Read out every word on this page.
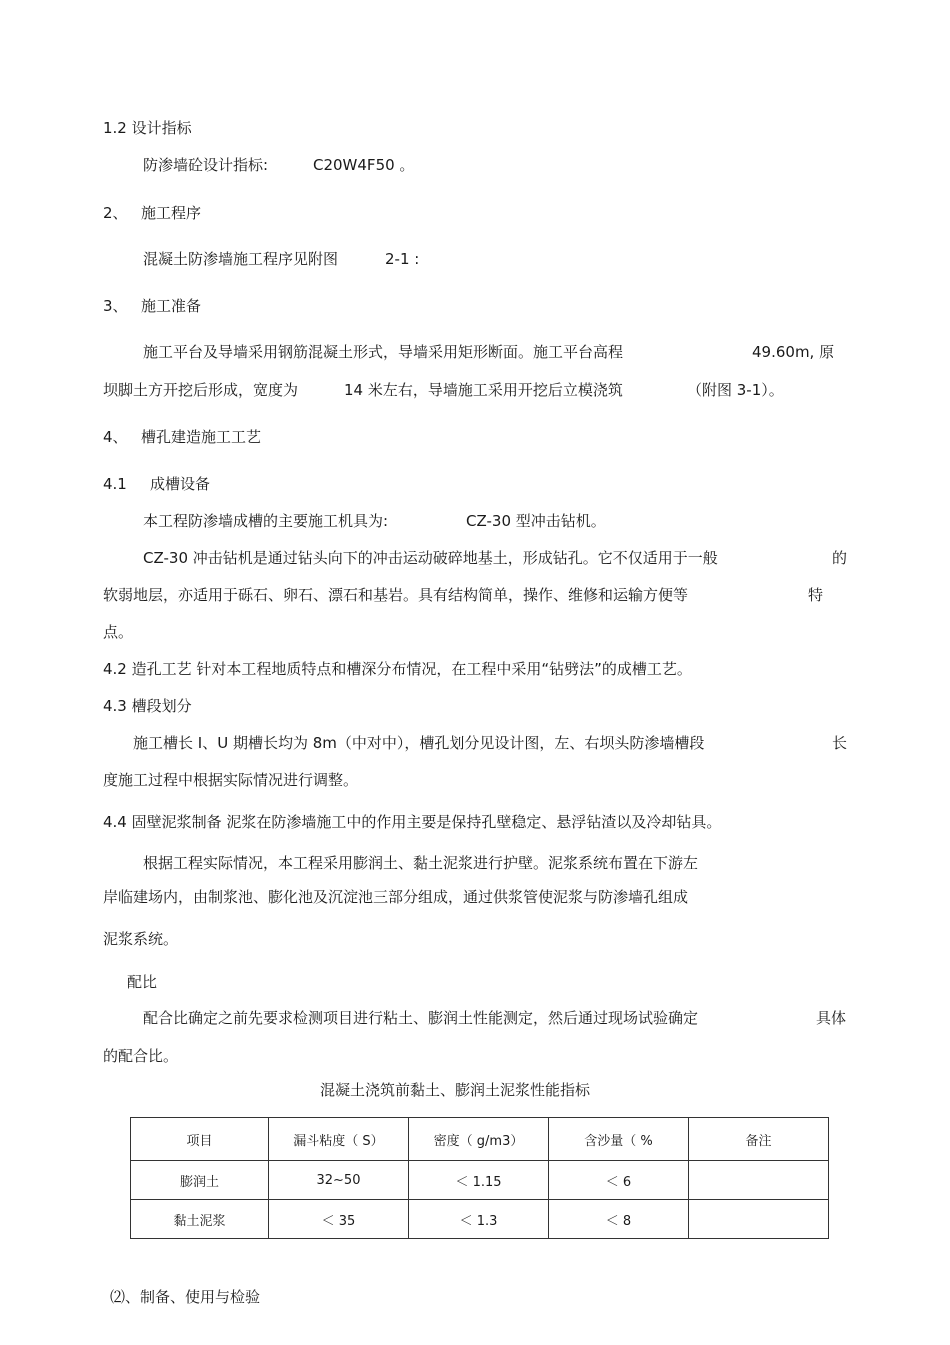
1.2 设计指标
防渗墙砼设计指标:	C20W4F50 。
2、 施工程序
混凝土防渗墙施工程序见附图	2-1 :
3、 施工准备
施工平台及导墙采用钢筋混凝土形式，导墙采用矩形断面。施工平台高程	49.60m, 原
坝脚土方开挖后形成，宽度为	14 米左右，导墙施工采用开挖后立模浇筑	（附图 3-1）。
4、 槽孔建造施工工艺
4.1 成槽设备
本工程防渗墙成槽的主要施工机具为:	CZ-30 型冲击钻机。
CZ-30 冲击钻机是通过钻头向下的冲击运动破碎地基土，形成钻孔。它不仅适用于一般	的
软弱地层，亦适用于砾石、卵石、漂石和基岩。具有结构简单，操作、维修和运输方便等	特
点。
4.2 造孔工艺 针对本工程地质特点和槽深分布情况，在工程中采用“钻劈法”的成槽工艺。
4.3 槽段划分
施工槽长 Ⅰ、U 期槽长均为 8m（中对中），槽孔划分见设计图，左、右坝头防渗墙槽段	长
度施工过程中根据实际情况进行调整。
4.4 固壁泥浆制备 泥浆在防渗墙施工中的作用主要是保持孔壁稳定、悬浮钻渣以及冷却钻具。
根据工程实际情况，本工程采用膨润土、黏土泥浆进行护壁。泥浆系统布置在下游左
岸临建场内，由制浆池、膨化池及沉淀池三部分组成，通过供浆管使泥浆与防渗墙孔组成
泥浆系统。
配比
配合比确定之前先要求检测项目进行粘土、膨润土性能测定，然后通过现场试验确定	具体
的配合比。
混凝土浇筑前黏土、膨润土泥浆性能指标
项目	漏斗粘度（ S）	密度（ g/m3）	含沙量（ %	备注
膨润土	32~50	＜ 1.15	＜ 6	
黏土泥浆	＜ 35	＜ 1.3	＜ 8	
⑵、制备、使用与检验
